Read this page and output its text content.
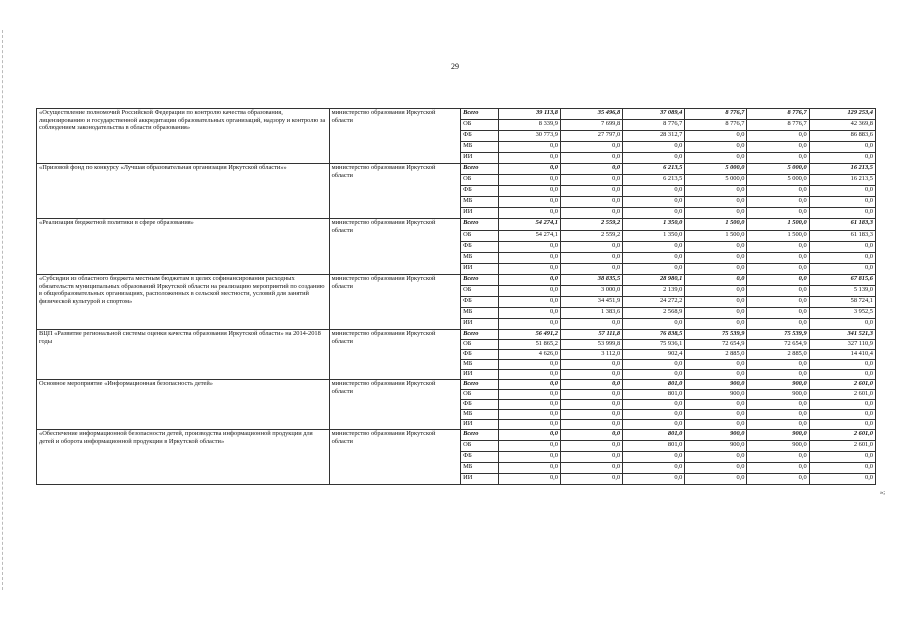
29
«Осуществление полномочий Российской Федерации по контролю качества образования, лицензированию и государственной аккредитации образовательных организаций, надзору и контролю за соблюдением законодательства в области образования»	министерство образования Иркутской области	Всего	39 113,8	35 496,8	37 089,4	8 776,7	8 776,7	129 253,4
		ОБ	8 339,9	7 699,8	8 776,7	8 776,7	8 776,7	42 369,8
		ФБ	30 773,9	27 797,0	28 312,7	0,0	0,0	86 883,6
		МБ	0,0	0,0	0,0	0,0	0,0	0,0
		ИИ	0,0	0,0	0,0	0,0	0,0	0,0
«Призовой фонд по конкурсу «Лучшая образовательная организация Иркутской области»»	министерство образования Иркутской области	Всего	0,0	0,0	6 213,5	5 000,0	5 000,0	16 213,5
		ОБ	0,0	0,0	6 213,5	5 000,0	5 000,0	16 213,5
		ФБ	0,0	0,0	0,0	0,0	0,0	0,0
		МБ	0,0	0,0	0,0	0,0	0,0	0,0
		ИИ	0,0	0,0	0,0	0,0	0,0	0,0
«Реализация бюджетной политики в сфере образования»	министерство образования Иркутской области	Всего	54 274,1	2 559,2	1 350,0	1 500,0	1 500,0	61 183,3
		ОБ	54 274,1	2 559,2	1 350,0	1 500,0	1 500,0	61 183,3
		ФБ	0,0	0,0	0,0	0,0	0,0	0,0
		МБ	0,0	0,0	0,0	0,0	0,0	0,0
		ИИ	0,0	0,0	0,0	0,0	0,0	0,0
«Субсидии из областного бюджета местным бюджетам в целях софинансирования расходных обязательств муниципальных образований Иркутской области на реализацию мероприятий по созданию в общеобразовательных организациях, расположенных в сельской местности, условий для занятий физической культурой и спортом»	министерство образования Иркутской области	Всего	0,0	38 835,5	28 980,1	0,0	0,0	67 815,6
		ОБ	0,0	3 000,0	2 139,0	0,0	0,0	5 139,0
		ФБ	0,0	34 451,9	24 272,2	0,0	0,0	58 724,1
		МБ	0,0	1 383,6	2 568,9	0,0	0,0	3 952,5
		ИИ	0,0	0,0	0,0	0,0	0,0	0,0
ВЦП «Развитие региональной системы оценки качества образования Иркутской области» на 2014-2018 годы	министерство образования Иркутской области	Всего	56 491,2	57 111,8	76 838,5	75 539,9	75 539,9	341 521,3
		ОБ	51 865,2	53 999,8	75 936,1	72 654,9	72 654,9	327 110,9
		ФБ	4 626,0	3 112,0	902,4	2 885,0	2 885,0	14 410,4
		МБ	0,0	0,0	0,0	0,0	0,0	0,0
		ИИ	0,0	0,0	0,0	0,0	0,0	0,0
Основное мероприятие «Информационная безопасность детей»	министерство образования Иркутской области	Всего	0,0	0,0	801,0	900,0	900,0	2 601,0
		ОБ	0,0	0,0	801,0	900,0	900,0	2 601,0
		ФБ	0,0	0,0	0,0	0,0	0,0	0,0
		МБ	0,0	0,0	0,0	0,0	0,0	0,0
		ИИ	0,0	0,0	0,0	0,0	0,0	0,0
«Обеспечение информационной безопасности детей, производства информационной продукции для детей и оборота информационной продукции в Иркутской области»	министерство образования Иркутской области	Всего	0,0	0,0	801,0	900,0	900,0	2 601,0
		ОБ	0,0	0,0	801,0	900,0	900,0	2 601,0
		ФБ	0,0	0,0	0,0	0,0	0,0	0,0
		МБ	0,0	0,0	0,0	0,0	0,0	0,0
		ИИ	0,0	0,0	0,0	0,0	0,0	0,0
»;
